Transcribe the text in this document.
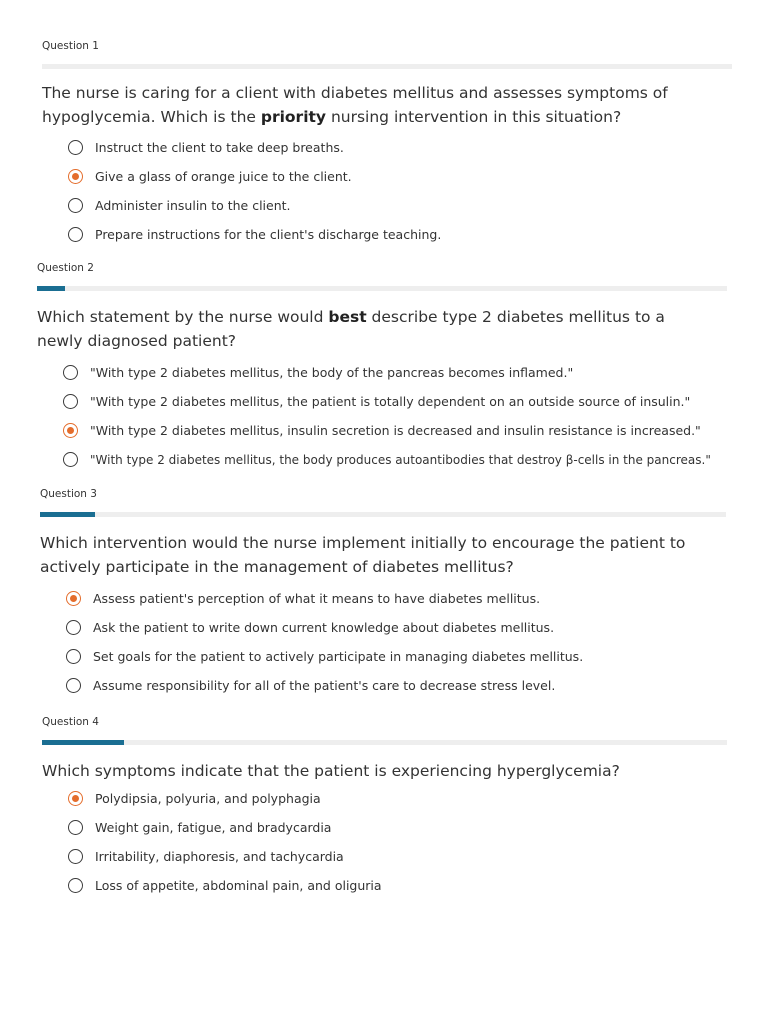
Question 1

The nurse is caring for a client with diabetes mellitus and assesses symptoms of hypoglycemia. Which is the priority nursing intervention in this situation?

Instruct the client to take deep breaths.
Give a glass of orange juice to the client.
Administer insulin to the client.
Prepare instructions for the client's discharge teaching.

Question 2

Which statement by the nurse would best describe type 2 diabetes mellitus to a newly diagnosed patient?

"With type 2 diabetes mellitus, the body of the pancreas becomes inflamed."
"With type 2 diabetes mellitus, the patient is totally dependent on an outside source of insulin."
"With type 2 diabetes mellitus, insulin secretion is decreased and insulin resistance is increased."
"With type 2 diabetes mellitus, the body produces autoantibodies that destroy β-cells in the pancreas."

Question 3

Which intervention would the nurse implement initially to encourage the patient to actively participate in the management of diabetes mellitus?

Assess patient's perception of what it means to have diabetes mellitus.
Ask the patient to write down current knowledge about diabetes mellitus.
Set goals for the patient to actively participate in managing diabetes mellitus.
Assume responsibility for all of the patient's care to decrease stress level.

Question 4

Which symptoms indicate that the patient is experiencing hyperglycemia?

Polydipsia, polyuria, and polyphagia
Weight gain, fatigue, and bradycardia
Irritability, diaphoresis, and tachycardia
Loss of appetite, abdominal pain, and oliguria
